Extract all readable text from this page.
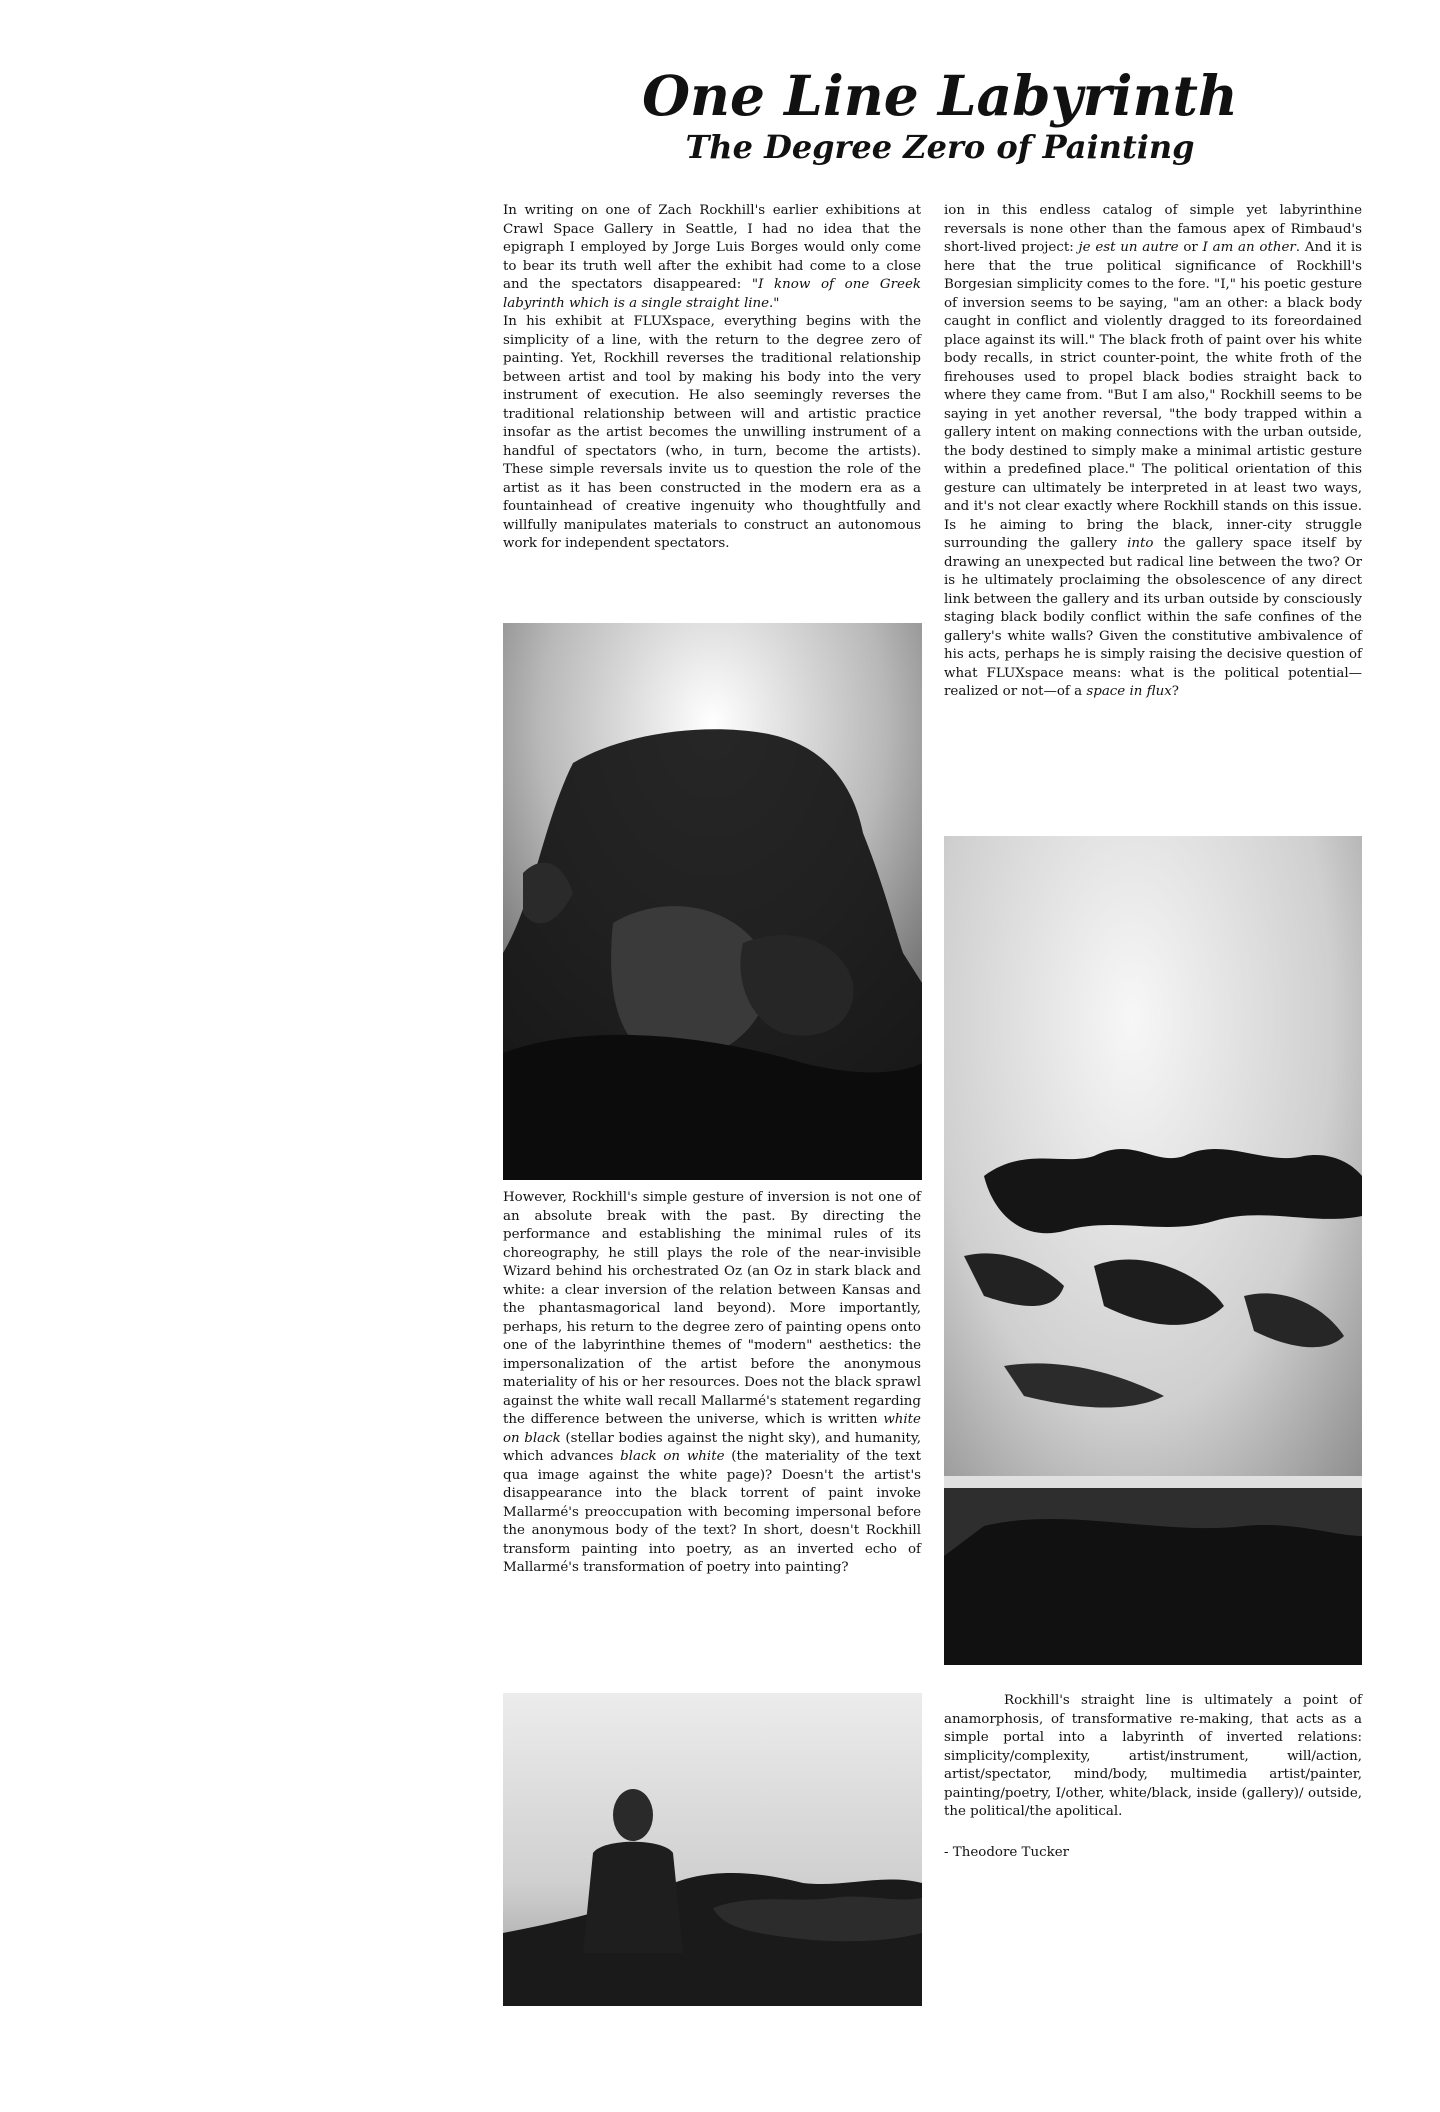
One Line Labyrinth
The Degree Zero of Painting

In writing on one of Zach Rockhill's earlier exhibitions at Crawl Space Gallery in Seattle, I had no idea that the epigraph I employed by Jorge Luis Borges would only come to bear its truth well after the exhibit had come to a close and the spectators disappeared: "I know of one Greek labyrinth which is a single straight line."

In his exhibit at FLUXspace, everything begins with the simplicity of a line, with the return to the degree zero of painting. Yet, Rockhill reverses the traditional relationship between artist and tool by making his body into the very instrument of execution. He also seemingly reverses the traditional relationship between will and artistic practice insofar as the artist becomes the unwilling instrument of a handful of spectators (who, in turn, become the artists). These simple reversals invite us to question the role of the artist as it has been constructed in the modern era as a fountainhead of creative ingenuity who thoughtfully and willfully manipulates materials to construct an autonomous work for independent spectators.

However, Rockhill's simple gesture of inversion is not one of an absolute break with the past. By directing the performance and establishing the minimal rules of its choreography, he still plays the role of the near-invisible Wizard behind his orchestrated Oz (an Oz in stark black and white: a clear inversion of the relation between Kansas and the phantasmagorical land beyond). More importantly, perhaps, his return to the degree zero of painting opens onto one of the labyrinthine themes of "modern" aesthetics: the impersonalization of the artist before the anonymous materiality of his or her resources. Does not the black sprawl against the white wall recall Mallarmé's statement regarding the difference between the universe, which is written white on black (stellar bodies against the night sky), and humanity, which advances black on white (the materiality of the text qua image against the white page)? Doesn't the artist's disappearance into the black torrent of paint invoke Mallarmé's preoccupation with becoming impersonal before the anonymous body of the text? In short, doesn't Rockhill transform painting into poetry, as an inverted echo of Mallarmé's transformation of poetry into painting?

ion in this endless catalog of simple yet labyrinthine reversals is none other than the famous apex of Rimbaud's short-lived project: je est un autre or I am an other. And it is here that the true political significance of Rockhill's Borgesian simplicity comes to the fore. "I," his poetic gesture of inversion seems to be saying, "am an other: a black body caught in conflict and violently dragged to its foreordained place against its will." The black froth of paint over his white body recalls, in strict counter-point, the white froth of the firehouses used to propel black bodies straight back to where they came from. "But I am also," Rockhill seems to be saying in yet another reversal, "the body trapped within a gallery intent on making connections with the urban outside, the body destined to simply make a minimal artistic gesture within a predefined place." The political orientation of this gesture can ultimately be interpreted in at least two ways, and it's not clear exactly where Rockhill stands on this issue. Is he aiming to bring the black, inner-city struggle surrounding the gallery into the gallery space itself by drawing an unexpected but radical line between the two? Or is he ultimately proclaiming the obsolescence of any direct link between the gallery and its urban outside by consciously staging black bodily conflict within the safe confines of the gallery's white walls? Given the constitutive ambivalence of his acts, perhaps he is simply raising the decisive question of what FLUXspace means: what is the political potential—realized or not—of a space in flux?

Rockhill's straight line is ultimately a point of anamorphosis, of transformative re-making, that acts as a simple portal into a labyrinth of inverted relations: simplicity/complexity, artist/instrument, will/action, artist/spectator, mind/body, multimedia artist/painter, painting/poetry, I/other, white/black, inside (gallery)/ outside, the political/the apolitical.

- Theodore Tucker
